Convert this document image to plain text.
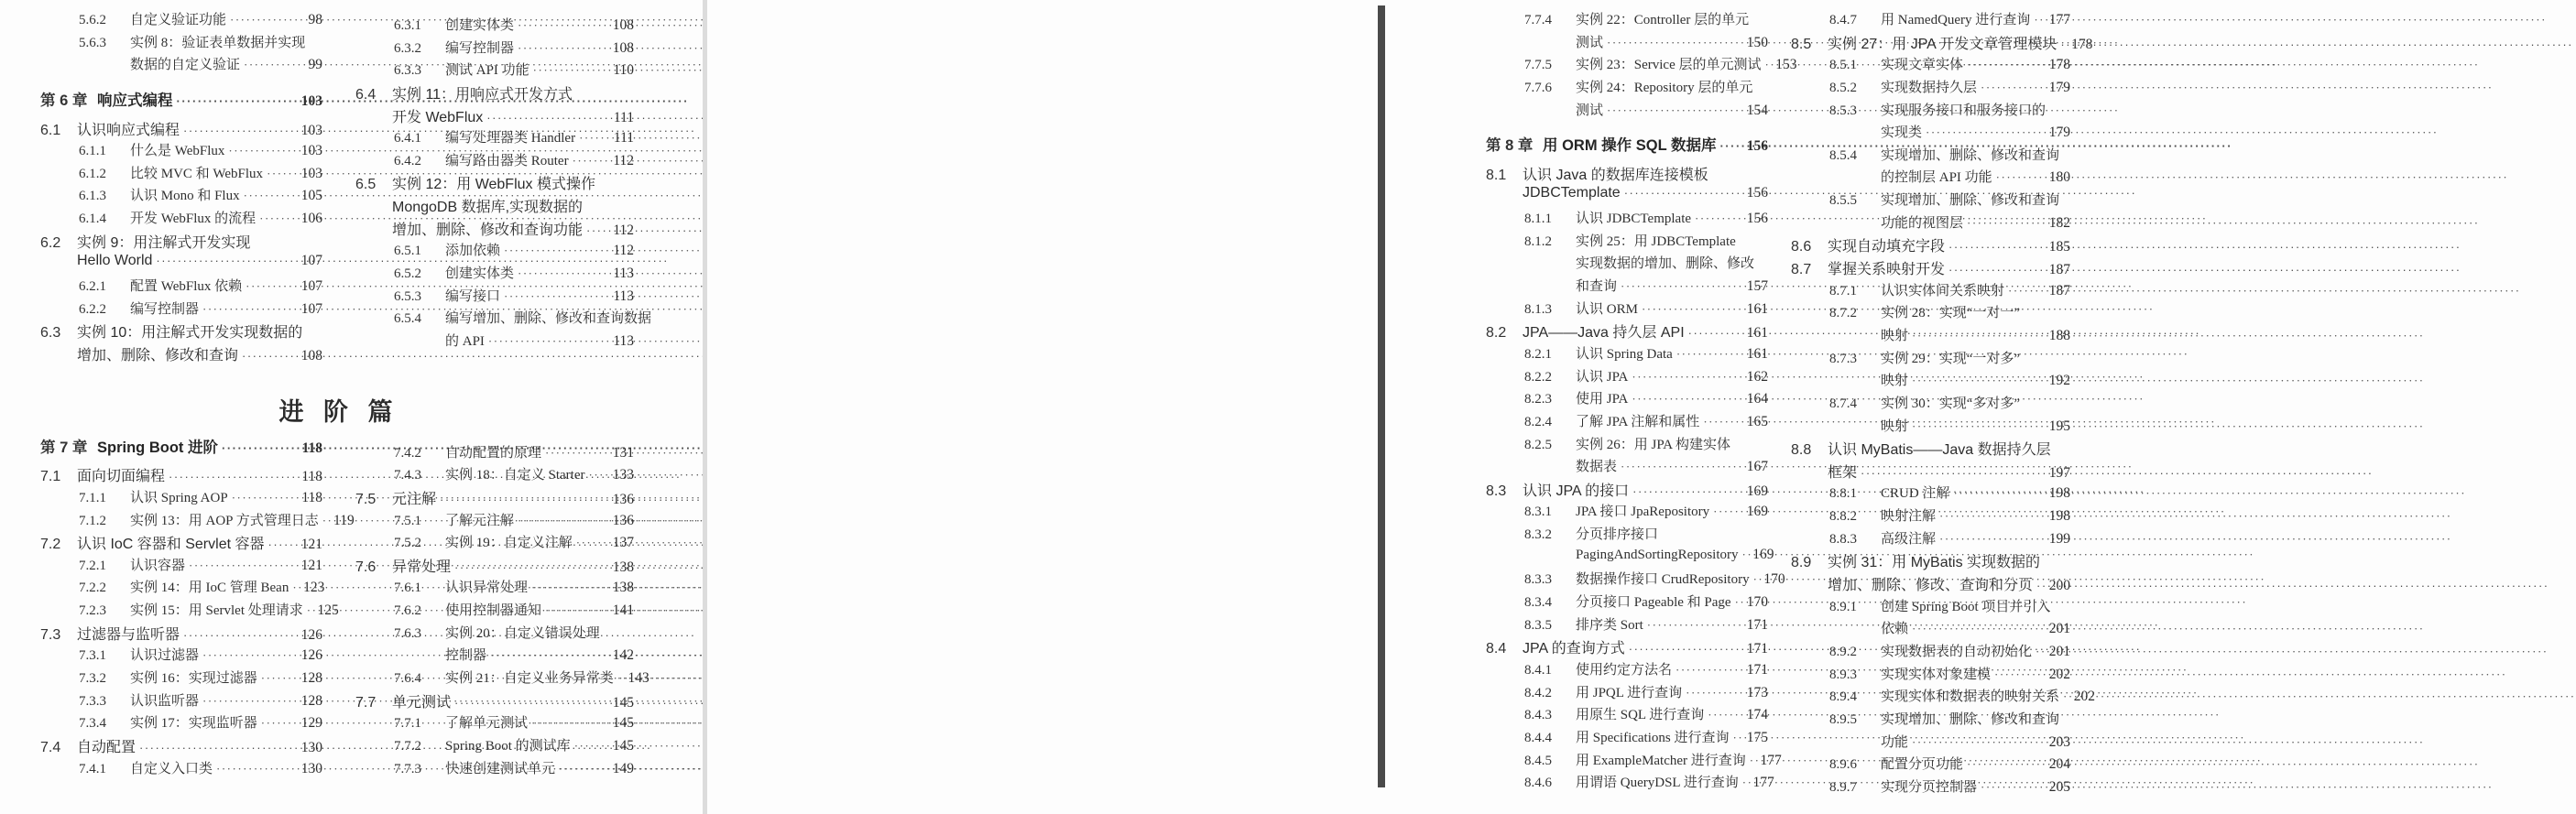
5.6.2	自定义验证功能 ·····	98
5.6.3	实例 8：验证表单数据并实现
数据的自定义验证 ·····	99
第 6 章 响应式编程 ·····	103
6.1	认识响应式编程 ·····	103
6.1.1	什么是 WebFlux ·····	103
6.1.2	比较 MVC 和 WebFlux ·····	103
6.1.3	认识 Mono 和 Flux ·····	105
6.1.4	开发 WebFlux 的流程 ·····	106
6.2	实例 9：用注解式开发实现
Hello World ·····	107
6.2.1	配置 WebFlux 依赖 ·····	107
6.2.2	编写控制器 ·····	107
6.3	实例 10：用注解式开发实现数据的
增加、删除、修改和查询 ·····	108
第 7 章 Spring Boot 进阶 ·····	118
7.1	面向切面编程 ·····	118
7.1.1	认识 Spring AOP ·····	118
7.1.2	实例 13：用 AOP 方式管理日志 ····· 119
7.2	认识 IoC 容器和 Servlet 容器 ·····	121
7.2.1	认识容器 ·····	121
7.2.2	实例 14：用 IoC 管理 Bean ····· 123
7.2.3	实例 15：用 Servlet 处理请求 ····· 125
7.3	过滤器与监听器 ·····	126
7.3.1	认识过滤器 ·····	126
7.3.2	实例 16：实现过滤器 ·····	128
7.3.3	认识监听器 ·····	128
7.3.4	实例 17：实现监听器 ·····	129
7.4	自动配置 ·····	130
7.4.1	自定义入口类 ·····	130
6.3.1	创建实体类 ·····	108
6.3.2	编写控制器 ·····	108
6.3.3	测试 API 功能 ·····	110
6.4	实例 11：用响应式开发方式
开发 WebFlux ·····	111
6.4.1	编写处理器类 Handler ·····	111
6.4.2	编写路由器类 Router ·····	112
6.5	实例 12：用 WebFlux 模式操作
MongoDB 数据库,实现数据的
增加、删除、修改和查询功能 ····· 112
6.5.1	添加依赖 ·····	112
6.5.2	创建实体类 ·····	113
6.5.3	编写接口 ·····	113
6.5.4	编写增加、删除、修改和查询数据
的 API ·····	113
7.4.2	自动配置的原理 ·····	131
7.4.3	实例 18：自定义 Starter ····· 133
7.5	元注解 ·····	136
7.5.1	了解元注解 ·····	136
7.5.2	实例 19：自定义注解 ·····	137
7.6	异常处理 ·····	138
7.6.1	认识异常处理 ·····	138
7.6.2	使用控制器通知 ·····	141
7.6.3	实例 20：自定义错误处理
控制器 ·····	142
7.6.4	实例 21：自定义业务异常类 ····· 143
7.7	单元测试 ·····	145
7.7.1	了解单元测试 ·····	145
7.7.2	Spring Boot 的测试库 ·····	145
7.7.3	快速创建测试单元 ·····	149
进 阶 篇
7.7.4	实例 22：Controller 层的单元
测试 ·····	150
7.7.5	实例 23：Service 层的单元测试 ····· 153
7.7.6	实例 24：Repository 层的单元
测试 ·····	154
第 8 章 用 ORM 操作 SQL 数据库 ····· 156
8.1	认识 Java 的数据库连接模板
JDBCTemplate ·····	156
8.1.1	认识 JDBCTemplate ·····	156
8.1.2	实例 25：用 JDBCTemplate
实现数据的增加、删除、修改
和查询 ·····	157
8.1.3	认识 ORM ·····	161
8.2	JPA——Java 持久层 API ·····	161
8.2.1	认识 Spring Data ·····	161
8.2.2	认识 JPA ·····	162
8.2.3	使用 JPA ·····	164
8.2.4	了解 JPA 注解和属性 ·····	165
8.2.5	实例 26：用 JPA 构建实体
数据表 ·····	167
8.3	认识 JPA 的接口 ·····	169
8.3.1	JPA 接口 JpaRepository ·····	169
8.3.2	分页排序接口
PagingAndSortingRepository ····· 169
8.3.3	数据操作接口 CrudRepository ····· 170
8.3.4	分页接口 Pageable 和 Page ····· 170
8.3.5	排序类 Sort ·····	171
8.4	JPA 的查询方式 ·····	171
8.4.1	使用约定方法名 ·····	171
8.4.2	用 JPQL 进行查询 ·····	173
8.4.3	用原生 SQL 进行查询 ·····	174
8.4.4	用 Specifications 进行查询 ····· 175
8.4.5	用 ExampleMatcher 进行查询 ····· 177
8.4.6	用谓语 QueryDSL 进行查询 ····· 177
8.4.7	用 NamedQuery 进行查询 ····· 177
8.5	实例 27：用 JPA 开发文章管理模块 ····· 178
8.5.1	实现文章实体 ·····	178
8.5.2	实现数据持久层 ·····	179
8.5.3	实现服务接口和服务接口的
实现类 ·····	179
8.5.4	实现增加、删除、修改和查询
的控制层 API 功能 ·····	180
8.5.5	实现增加、删除、修改和查询
功能的视图层 ·····	182
8.6	实现自动填充字段 ·····	185
8.7	掌握关系映射开发 ·····	187
8.7.1	认识实体间关系映射 ·····	187
8.7.2	实例 28：实现“一对一”
映射 ·····	188
8.7.3	实例 29：实现“一对多”
映射 ·····	192
8.7.4	实例 30：实现“多对多”
映射 ·····	195
8.8	认识 MyBatis——Java 数据持久层
框架 ·····	197
8.8.1	CRUD 注解 ·····	198
8.8.2	映射注解 ·····	198
8.8.3	高级注解 ·····	199
8.9	实例 31：用 MyBatis 实现数据的
增加、删除、修改、查询和分页 ····· 200
8.9.1	创建 Spring Boot 项目并引入
依赖 ·····	201
8.9.2	实现数据表的自动初始化 ····· 201
8.9.3	实现实体对象建模 ·····	202
8.9.4	实现实体和数据表的映射关系 ····· 202
8.9.5	实现增加、删除、修改和查询
功能 ·····	203
8.9.6	配置分页功能 ·····	204
8.9.7	实现分页控制器 ·····	205
